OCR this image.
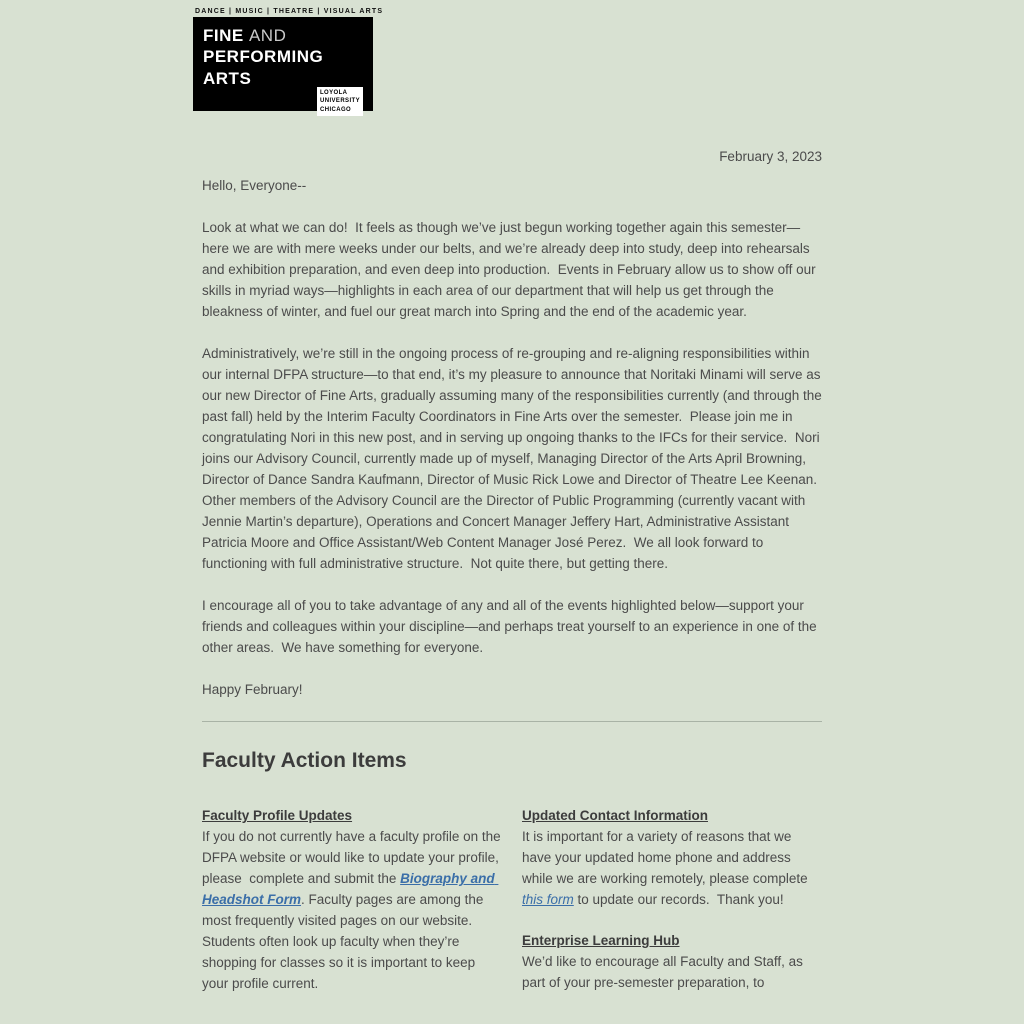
DANCE | MUSIC | THEATRE | VISUAL ARTS
FINE AND
PERFORMING
ARTS
LOYOLA
UNIVERSITY
CHICAGO
February 3, 2023

Hello, Everyone--

Look at what we can do!  It feels as though we’ve just begun working together again this semester—here we are with mere weeks under our belts, and we’re already deep into study, deep into rehearsals and exhibition preparation, and even deep into production.  Events in February allow us to show off our skills in myriad ways—highlights in each area of our department that will help us get through the bleakness of winter, and fuel our great march into Spring and the end of the academic year.

Administratively, we’re still in the ongoing process of re-grouping and re-aligning responsibilities within our internal DFPA structure—to that end, it’s my pleasure to announce that Noritaki Minami will serve as our new Director of Fine Arts, gradually assuming many of the responsibilities currently (and through the past fall) held by the Interim Faculty Coordinators in Fine Arts over the semester.  Please join me in congratulating Nori in this new post, and in serving up ongoing thanks to the IFCs for their service.  Nori joins our Advisory Council, currently made up of myself, Managing Director of the Arts April Browning, Director of Dance Sandra Kaufmann, Director of Music Rick Lowe and Director of Theatre Lee Keenan.  Other members of the Advisory Council are the Director of Public Programming (currently vacant with Jennie Martin’s departure), Operations and Concert Manager Jeffery Hart, Administrative Assistant Patricia Moore and Office Assistant/Web Content Manager José Perez.  We all look forward to functioning with full administrative structure.  Not quite there, but getting there.

I encourage all of you to take advantage of any and all of the events highlighted below—support your friends and colleagues within your discipline—and perhaps treat yourself to an experience in one of the other areas.  We have something for everyone.

Happy February!

Faculty Action Items

Faculty Profile Updates

If you do not currently have a faculty profile on the DFPA website or would like to update your profile, please  complete and submit the Biography and Headshot Form. Faculty pages are among the most frequently visited pages on our website.  Students often look up faculty when they’re shopping for classes so it is important to keep your profile current.

Updated Contact Information

It is important for a variety of reasons that we have your updated home phone and address while we are working remotely, please complete this form to update our records.  Thank you!

Enterprise Learning Hub

We’d like to encourage all Faculty and Staff, as part of your pre-semester preparation, to
